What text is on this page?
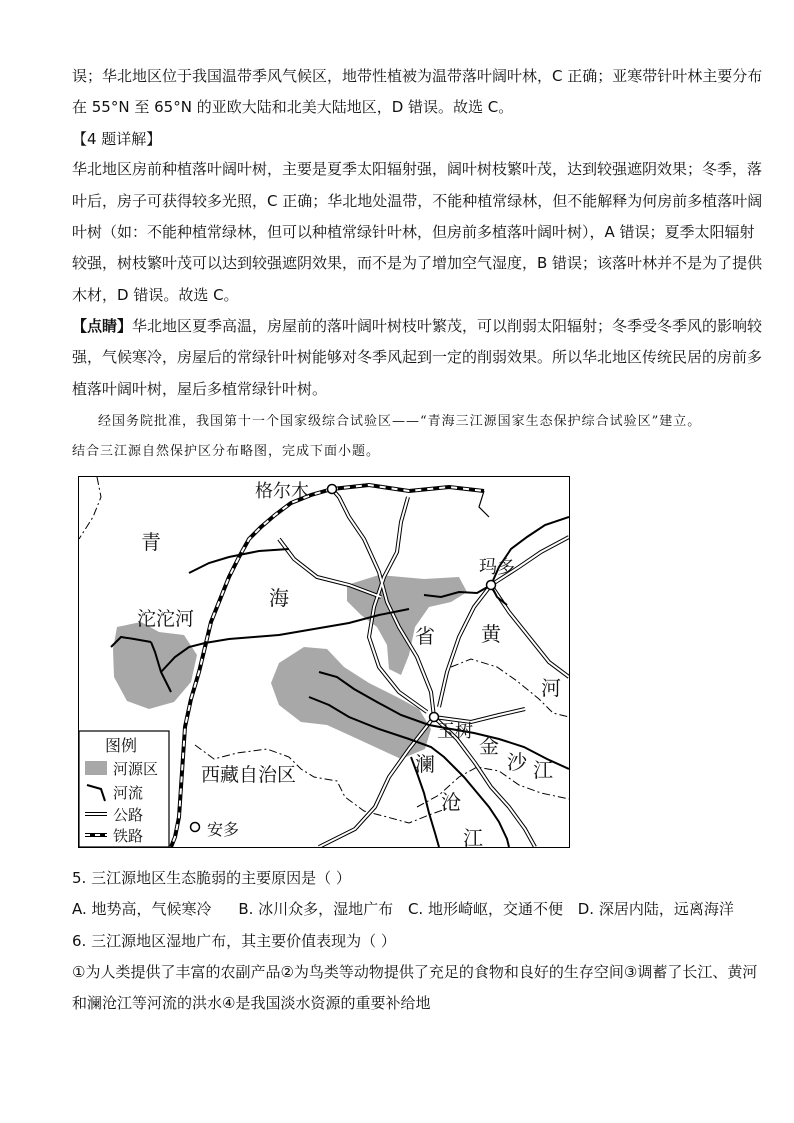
误；华北地区位于我国温带季风气候区，地带性植被为温带落叶阔叶林，C 正确；亚寒带针叶林主要分布
在 55°N 至 65°N 的亚欧大陆和北美大陆地区，D 错误。故选 C。
【4 题详解】
华北地区房前种植落叶阔叶树，主要是夏季太阳辐射强，阔叶树枝繁叶茂，达到较强遮阴效果；冬季，落
叶后，房子可获得较多光照，C 正确；华北地处温带，不能种植常绿林，但不能解释为何房前多植落叶阔
叶树（如：不能种植常绿林，但可以种植常绿针叶林，但房前多植落叶阔叶树），A 错误；夏季太阳辐射
较强，树枝繁叶茂可以达到较强遮阴效果，而不是为了增加空气湿度，B 错误；该落叶林并不是为了提供
木材，D 错误。故选 C。
【点睛】华北地区夏季高温，房屋前的落叶阔叶树枝叶繁茂，可以削弱太阳辐射；冬季受冬季风的影响较
强，气候寒冷，房屋后的常绿针叶树能够对冬季风起到一定的削弱效果。所以华北地区传统民居的房前多
植落叶阔叶树，屋后多植常绿针叶树。
经国务院批准，我国第十一个国家级综合试验区——“青海三江源国家生态保护综合试验区”建立。
结合三江源自然保护区分布略图，完成下面小题。
格尔木
玛多
玉树
安多
青
海
省
沱沱河
西藏自治区
黄
河
金
沙 江
澜
沧
江
图例
河源区
河流
公路
铁路
5. 三江源地区生态脆弱的主要原因是（ ）
A. 地势高，气候寒冷 B. 冰川众多，湿地广布 C. 地形崎岖，交通不便 D. 深居内陆，远离海洋
6. 三江源地区湿地广布，其主要价值表现为（ ）
①为人类提供了丰富的农副产品②为鸟类等动物提供了充足的食物和良好的生存空间③调蓄了长江、黄河
和澜沧江等河流的洪水④是我国淡水资源的重要补给地
